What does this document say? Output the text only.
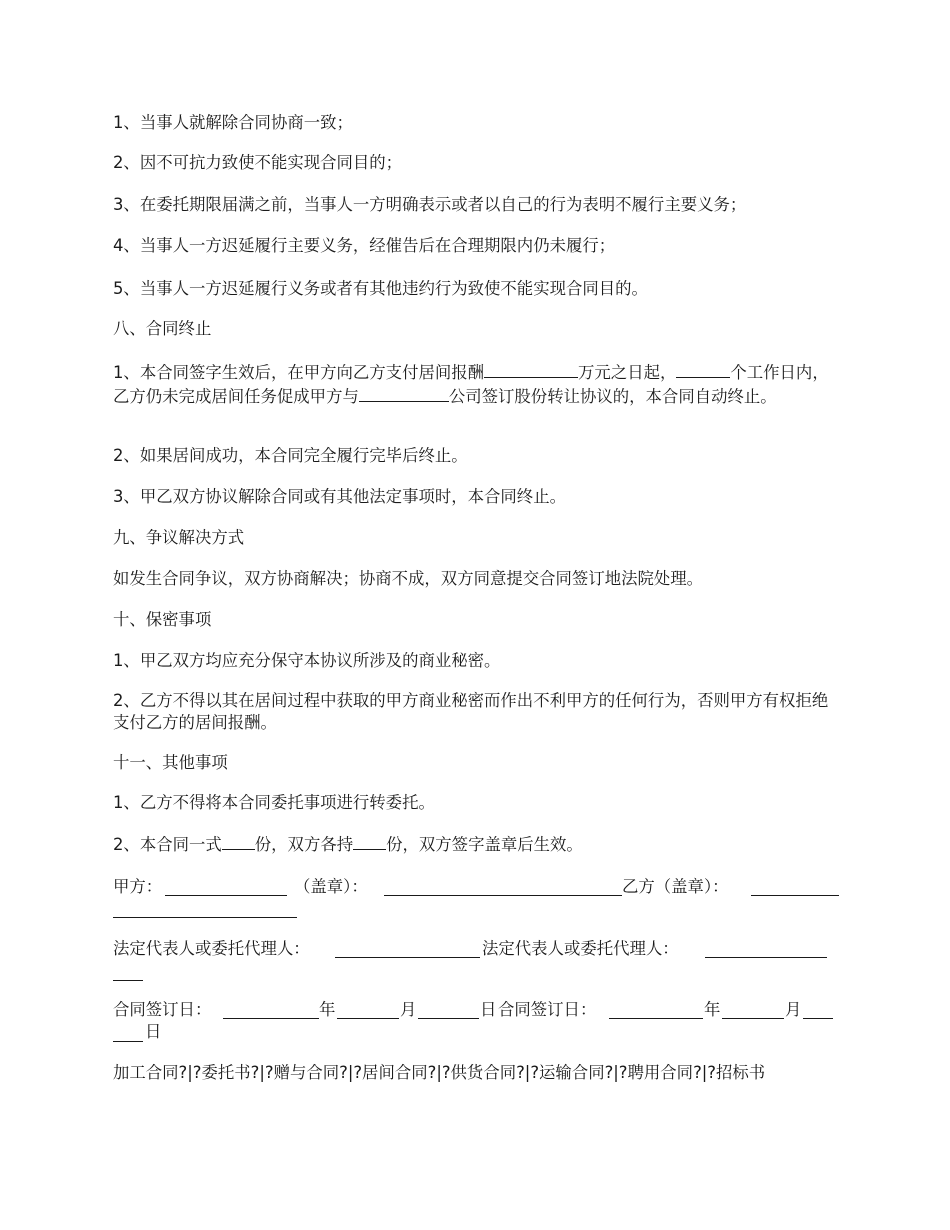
1、当事人就解除合同协商一致；

2、因不可抗力致使不能实现合同目的；

3、在委托期限届满之前，当事人一方明确表示或者以自己的行为表明不履行主要义务；

4、当事人一方迟延履行主要义务，经催告后在合理期限内仍未履行；

5、当事人一方迟延履行义务或者有其他违约行为致使不能实现合同目的。

八、合同终止

1、本合同签字生效后，在甲方向乙方支付居间报酬	万元之日起，	个工作日内，乙方仍未完成居间任务促成甲方与	公司签订股份转让协议的，本合同自动终止。

2、如果居间成功，本合同完全履行完毕后终止。

3、甲乙双方协议解除合同或有其他法定事项时，本合同终止。

九、争议解决方式

如发生合同争议，双方协商解决；协商不成，双方同意提交合同签订地法院处理。

十、保密事项

1、甲乙双方均应充分保守本协议所涉及的商业秘密。

2、乙方不得以其在居间过程中获取的甲方商业秘密而作出不利甲方的任何行为，否则甲方有权拒绝支付乙方的居间报酬。

十一、其他事项

1、乙方不得将本合同委托事项进行转委托。

2、本合同一式 份，双方各持 份，双方签字盖章后生效。

甲方：	（盖章）：	乙方（盖章）：
法定代表人或委托代理人：	法定代表人或委托代理人：
合同签订日：	年	月	日 合同签订日：	年	月
日

加工合同?|?委托书?|?赠与合同?|?居间合同?|?供货合同?|?运输合同?|?聘用合同?|?招标书
